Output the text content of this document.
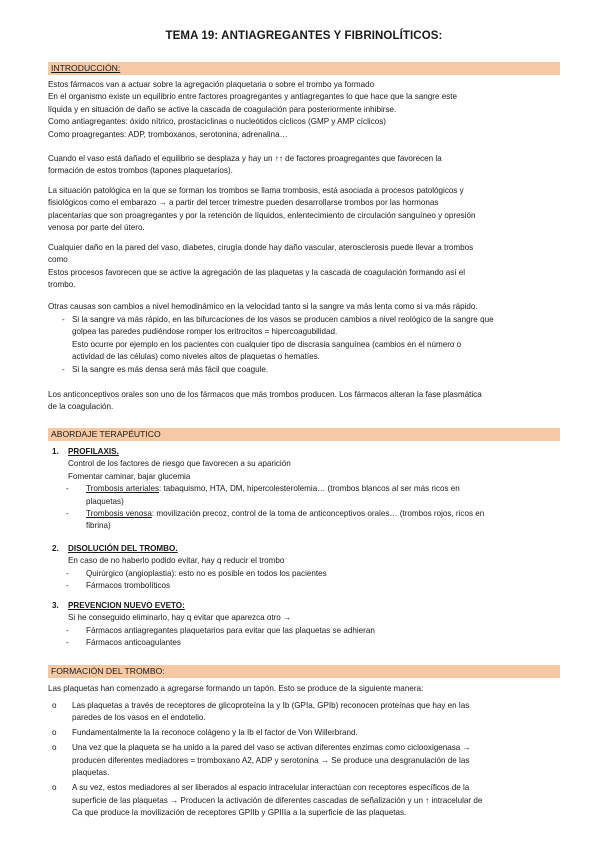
TEMA 19: ANTIAGREGANTES Y FIBRINOLÍTICOS:
INTRODUCCIÓN:

Estos fármacos van a actuar sobre la agregación plaquetaria o sobre el trombo ya formado

En el organismo existe un equilibrio entre factores proagregantes y antiagregantes lo que hace que la sangre este

líquida y en situación de daño se active la cascada de coagulación para posteriormente inhibirse.

Como antiagregantes: óxido nítrico, prostaciclinas o nucleótidos cíclicos (GMP y AMP cíclicos)

Como proagregantes: ADP, tromboxanos, serotonina, adrenalina…

Cuando el vaso está dañado el equilibrio se desplaza y hay un ↑↑ de factores proagregantes que favorecen la

formación de estos trombos (tapones plaquetarios).

La situación patológica en la que se forman los trombos se llama trombosis, está asociada a procesos patológicos y

fisiológicos como el embarazo → a partir del tercer trimestre pueden desarrollarse trombos por las hormonas

placentarias que son proagregantes y por la retención de líquidos, enlentecimiento de circulación sanguíneo y opresión

venosa por parte del útero.

Cualquier daño en la pared del vaso, diabetes, cirugía donde hay daño vascular, aterosclerosis puede llevar a trombos

como

Estos procesos favorecen que se active la agregación de las plaquetas y la cascada de coagulación formando así el

trombo.

Otras causas son cambios a nivel hemodinámico en la velocidad tanto si la sangre va más lenta como si va más rápido.

- Si la sangre va más rápido, en las bifurcaciones de los vasos se producen cambios a nivel reológico de la sangre que
golpea las paredes pudiéndose romper los eritrocitos = hipercoagubilidad.
Esto ocurre por ejemplo en los pacientes con cualquier tipo de discrasia sanguínea (cambios en el número o
actividad de las células) como niveles altos de plaquetas o hematíes.
- Si la sangre es más densa será más fácil que coagule.

Los anticonceptivos orales son uno de los fármacos que más trombos producen. Los fármacos alteran la fase plasmática

de la coagulación.

ABORDAJE TERAPÉUTICO
1. PROFILAXIS.
Control de los factores de riesgo que favorecen a su aparición
Fomentar caminar, bajar glucemia
- Trombosis arteriales: tabaquismo, HTA, DM, hipercolesterolemia… (trombos blancos al ser más ricos en
plaquetas)
- Trombosis venosa: movilización precoz, control de la toma de anticonceptivos orales… (trombos rojos, ricos en
fibrina)
2. DISOLUCIÓN DEL TROMBO.
En caso de no haberlo podido evitar, hay q reducir el trombo
- Quirúrgico (angioplastia): esto no es posible en todos los pacientes
- Fármacos trombolíticos
3. PREVENCION NUEVO EVETO:
Si he conseguido eliminarlo, hay q evitar que aparezca otro →
- Fármacos antiagregantes plaquetarios para evitar que las plaquetas se adhieran
- Fármacos anticoagulantes
FORMACIÓN DEL TROMBO:

Las plaquetas han comenzado a agregarse formando un tapón. Esto se produce de la siguiente manera:

o Las plaquetas a través de receptores de glicoproteína Ia y Ib (GPIa, GPIb) reconocen proteínas que hay en las
paredes de los vasos en el endotelio.
o Fundamentalmente la Ia reconoce colágeno y la Ib el factor de Von Willerbrand.
o Una vez que la plaqueta se ha unido a la pared del vaso se activan diferentes enzimas como ciclooxigenasa →
producen diferentes mediadores = tromboxano A2, ADP y serotonina → Se produce una desgranulación de las
plaquetas.
o A su vez, estos mediadores al ser liberados al espacio intracelular interactúan con receptores específicos de la
superficie de las plaquetas → Producen la activación de diferentes cascadas de señalización y un ↑ intracelular de
Ca que produce la movilización de receptores GPIIb y GPIIIa a la superficie de las plaquetas.
